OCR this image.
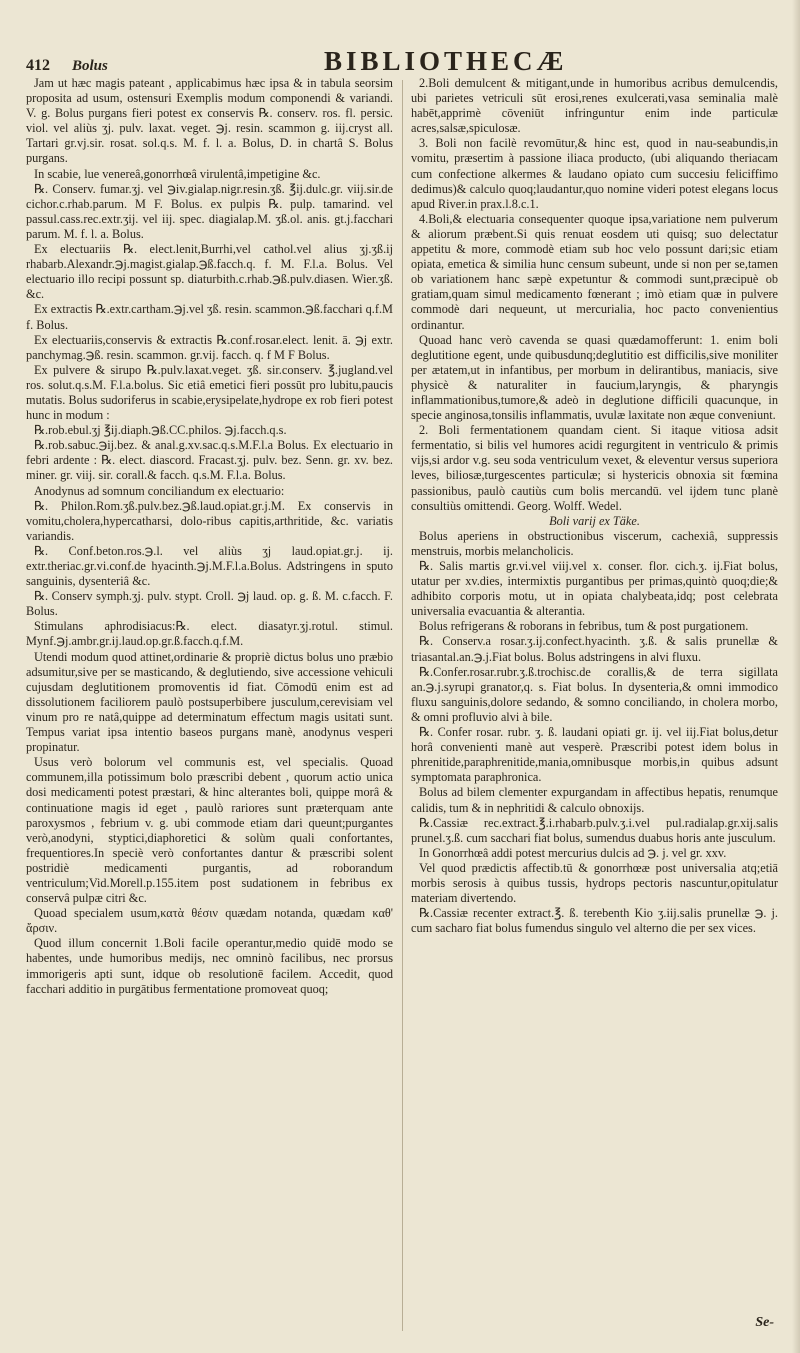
412	Bolus	BIBLIOTHECÆ

Jam ut hæc magis pateant , applicabimus hæc ipsa & in tabula seorsim proposita ad usum, ostensuri Exemplis modum componendi & variandi. V. g. Bolus purgans fieri potest ex conservis ℞. conserv. ros. fl. persic. viol. vel aliùs ʒj. pulv. laxat. veget. ℈j. resin. scammon g. iij.cryst all. Tartari gr.vj.sir. rosat. sol.q.s. M. f. l. a. Bolus, D. in chartâ S. Bolus purgans.

In scabie, lue venereâ,gonorrhœâ virulentâ,impetigine &c.

℞. Conserv. fumar.ʒj. vel ℈iv.gialap.nigr.resin.ʒß. ℥ij.dulc.gr. viij.sir.de cichor.c.rhab.parum. M F. Bolus. ex pulpis ℞. pulp. tamarind. vel passul.cass.rec.extr.ʒij. vel iij. spec. diagialap.M. ʒß.ol. anis. gt.j.facchari parum. M. f. l. a. Bolus.

Ex electuariis ℞. elect.lenit,Burrhi,vel cathol.vel alius ʒj.ʒß.ij rhabarb.Alexandr.℈j.magist.gialap.℈ß.facch.q. f. M. F.l.a. Bolus. Vel electuario illo recipi possunt sp. diaturbith.c.rhab.℈ß.pulv.diasen. Wier.ʒß. &c.

Ex extractis ℞.extr.cartham.℈j.vel ʒß. resin. scammon.℈ß.facchari q.f.M f. Bolus.

Ex electuariis,conservis & extractis ℞.conf.rosar.elect. lenit. ā. ℈j extr. panchymag.℈ß. resin. scammon. gr.vij. facch. q. f M F Bolus.

Ex pulvere & sirupo ℞.pulv.laxat.veget. ʒß. sir.conserv. ℥.jugland.vel ros. solut.q.s.M. F.l.a.bolus. Sic etiâ emetici fieri possūt pro lubitu,paucis mutatis. Bolus sudoriferus in scabie,erysipelate,hydrope ex rob fieri potest hunc in modum :

℞.rob.ebul.ʒj ℥ij.diaph.℈ß.CC.philos. ℈j.facch.q.s.

℞.rob.sabuc.℈ij.bez. & anal.g.xv.sac.q.s.M.F.l.a Bolus. Ex electuario in febri ardente : ℞. elect. diascord. Fracast.ʒj. pulv. bez. Senn. gr. xv. bez. miner. gr. viij. sir. corall.& facch. q.s.M. F.l.a. Bolus.

Anodynus ad somnum conciliandum ex electuario:

℞. Philon.Rom.ʒß.pulv.bez.℈ß.laud.opiat.gr.j.M. Ex conservis in vomitu,cholera,hypercatharsi, dolo-ribus capitis,arthritide, &c. variatis variandis.

℞. Conf.beton.ros.℈.l. vel aliùs ʒj laud.opiat.gr.j. ij. extr.theriac.gr.vi.conf.de hyacinth.℈j.M.F.l.a.Bolus. Adstringens in sputo sanguinis, dysenteriâ &c.

℞. Conserv symph.ʒj. pulv. stypt. Croll. ℈j laud. op. g. ß. M. c.facch. F. Bolus.

Stimulans aphrodisiacus:℞. elect. diasatyr.ʒj.rotul. stimul. Mynf.℈j.ambr.gr.ij.laud.op.gr.ß.facch.q.f.M.

Utendi modum quod attinet,ordinarie & propriè dictus bolus uno præbio adsumitur,sive per se masticando, & deglutiendo, sive accessione vehiculi cujusdam deglutitionem promoventis id fiat. Cōmodū enim est ad dissolutionem faciliorem paulò postsuperbibere jusculum,cerevisiam vel vinum pro re natâ,quippe ad determinatum effectum magis usitati sunt. Tempus variat ipsa intentio baseos purgans manè, anodynus vesperi propinatur.

Usus verò bolorum vel communis est, vel specialis. Quoad communem,illa potissimum bolo præscribi debent , quorum actio unica dosi medicamenti potest præstari, & hinc alterantes boli, quippe morâ & continuatione magis id eget , paulò rariores sunt præterquam ante paroxysmos , febrium v. g. ubi commode etiam dari queunt;purgantes verò,anodyni, styptici,diaphoretici & solùm quali confortantes, frequentiores.In speciè verò confortantes dantur & præscribi solent postridiè medicamenti purgantis, ad roborandum ventriculum;Vid.Morell.p.155.item post sudationem in febribus ex conservâ pulpæ citri &c.

Quoad specialem usum,κατὰ θέσιν quædam notanda, quædam καθ' ἄρσιν.

Quod illum concernit 1.Boli facile operantur,medio quidē modo se habentes, unde humoribus medijs, nec omninò facilibus, nec prorsus immorigeris apti sunt, idque ob resolutionē facilem. Accedit, quod facchari additio in purgātibus fermentatione promoveat quoq;

2.Boli demulcent & mitigant,unde in humoribus acribus demulcendis, ubi parietes vetriculi sūt erosi,renes exulcerati,vasa seminalia malè habēt,apprimè cōveniūt infringuntur enim inde particulæ acres,salsæ,spiculosæ.

3. Boli non facilè revomūtur,& hinc est, quod in nau-seabundis,in vomitu, præsertim à passione iliaca producto, (ubi aliquando theriacam cum confectione alkermes & laudano opiato cum succesiu feliciffimo dedimus)& calculo quoq;laudantur,quo nomine videri potest elegans locus apud River.in prax.l.8.c.1.

4.Boli,& electuaria consequenter quoque ipsa,variatione nem pulverum & aliorum præbent.Si quis renuat eosdem uti quisq; suo delectatur appetitu & more, commodè etiam sub hoc velo possunt dari;sic etiam opiata, emetica & similia hunc censum subeunt, unde si non per se,tamen ob variationem hanc sæpè expetuntur & commodi sunt,præcipuè ob gratiam,quam simul medicamento fœnerant ; imò etiam quæ in pulvere commodè dari nequeunt, ut mercurialia, hoc pacto convenientius ordinantur.

Quoad hanc verò cavenda se quasi quædamofferunt: 1. enim boli deglutitione egent, unde quibusdunq;deglutitio est difficilis,sive moniliter per ætatem,ut in infantibus, per morbum in delirantibus, maniacis, sive physicè & naturaliter in faucium,laryngis, & pharyngis inflammationibus,tumore,& adeò in deglutione difficili quacunque, in specie anginosa,tonsilis inflammatis, uvulæ laxitate non æque conveniunt.

2. Boli fermentationem quandam cient. Si itaque vitiosa adsit fermentatio, si bilis vel humores acidi regurgitent in ventriculo & primis vijs,si ardor v.g. seu soda ventriculum vexet, & eleventur versus superiora leves, biliosæ,turgescentes particulæ; si hystericis obnoxia sit fœmina passionibus, paulò cautiùs cum bolis mercandū. vel ijdem tunc planè consultiùs omittendi. Georg. Wolff. Wedel.

Boli varij ex Täke.

Bolus aperiens in obstructionibus viscerum, cachexiâ, suppressis menstruis, morbis melancholicis.

℞. Salis martis gr.vi.vel viij.vel x. conser. flor. cich.ʒ. ij.Fiat bolus, utatur per xv.dies, intermixtis purgantibus per primas,quintò quoq;die;& adhibito corporis motu, ut in opiata chalybeata,idq; post celebrata universalia evacuantia & alterantia.

Bolus refrigerans & roborans in febribus, tum & post purgationem.

℞. Conserv.a rosar.ʒ.ij.confect.hyacinth. ʒ.ß. & salis prunellæ & triasantal.an.℈.j.Fiat bolus. Bolus adstringens in alvi fluxu.

℞.Confer.rosar.rubr.ʒ.ß.trochisc.de corallis,& de terra sigillata an.℈.j.syrupi granator,q. s. Fiat bolus. In dysenteria,& omni immodico fluxu sanguinis,dolore sedando, & somno conciliando, in cholera morbo, & omni profluvio alvi à bile.

℞. Confer rosar. rubr. ʒ. ß. laudani opiati gr. ij. vel iij.Fiat bolus,detur horâ convenienti manè aut vesperè. Præscribi potest idem bolus in phrenitide,paraphrenitide,mania,omnibusque morbis,in quibus adsunt symptomata paraphronica.

Bolus ad bilem clementer expurgandam in affectibus hepatis, renumque calidis, tum & in nephritidi & calculo obnoxijs.

℞.Cassiæ rec.extract.℥.i.rhabarb.pulv.ʒ.i.vel pul.radialap.gr.xij.salis prunel.ʒ.ß. cum sacchari fiat bolus, sumendus duabus horis ante jusculum.

In Gonorrhœâ addi potest mercurius dulcis ad ℈. j. vel gr. xxv.

Vel quod prædictis affectib.tū & gonorrhœæ post universalia atq;etiā morbis serosis à quibus tussis, hydrops pectoris nascuntur,opitulatur materiam divertendo.

℞.Cassiæ recenter extract.℥. ß. terebenth Kio ʒ.iij.salis prunellæ ℈. j. cum sacharo fiat bolus fumendus singulo vel alterno die per sex vices.

Se-
